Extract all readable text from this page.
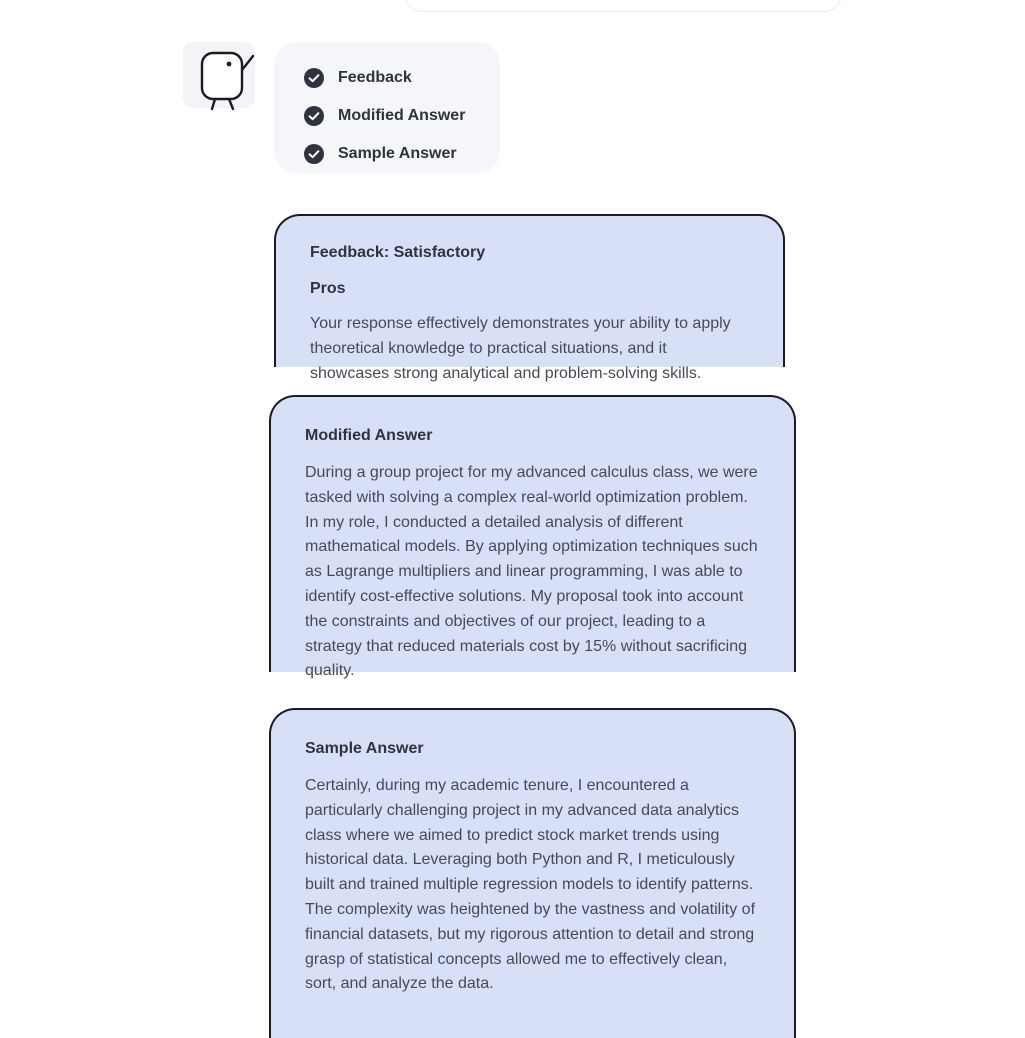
Feedback
Modified Answer
Sample Answer
Feedback: Satisfactory
Pros

Your response effectively demonstrates your ability to apply theoretical knowledge to practical situations, and it showcases strong analytical and problem-solving skills.

Modified Answer

During a group project for my advanced calculus class, we were tasked with solving a complex real-world optimization problem. In my role, I conducted a detailed analysis of different mathematical models. By applying optimization techniques such as Lagrange multipliers and linear programming, I was able to identify cost-effective solutions. My proposal took into account the constraints and objectives of our project, leading to a strategy that reduced materials cost by 15% without sacrificing quality.

Sample Answer

Certainly, during my academic tenure, I encountered a particularly challenging project in my advanced data analytics class where we aimed to predict stock market trends using historical data. Leveraging both Python and R, I meticulously built and trained multiple regression models to identify patterns. The complexity was heightened by the vastness and volatility of financial datasets, but my rigorous attention to detail and strong grasp of statistical concepts allowed me to effectively clean, sort, and analyze the data.
